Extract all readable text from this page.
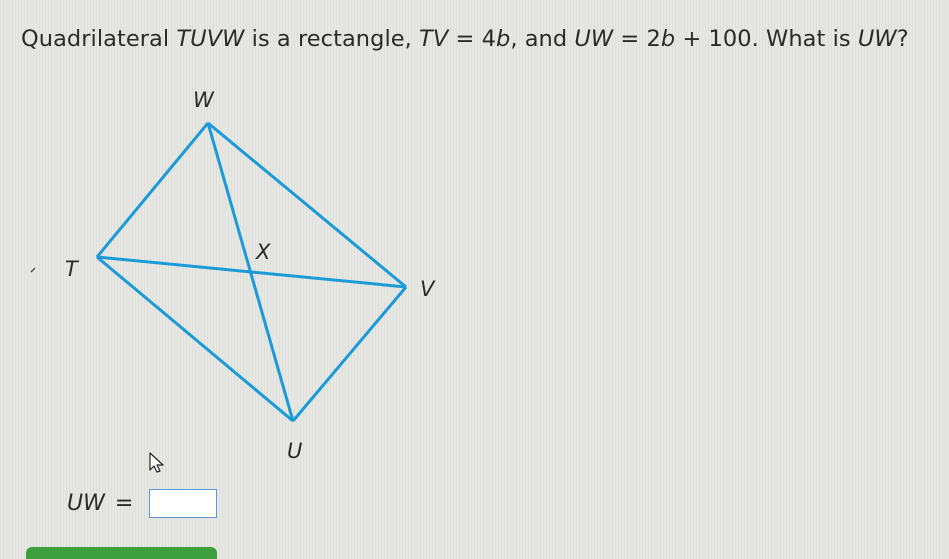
Quadrilateral TUVW is a rectangle, TV = 4b, and UW = 2b + 100. What is UW?
W
T
X
V
U
UW =
